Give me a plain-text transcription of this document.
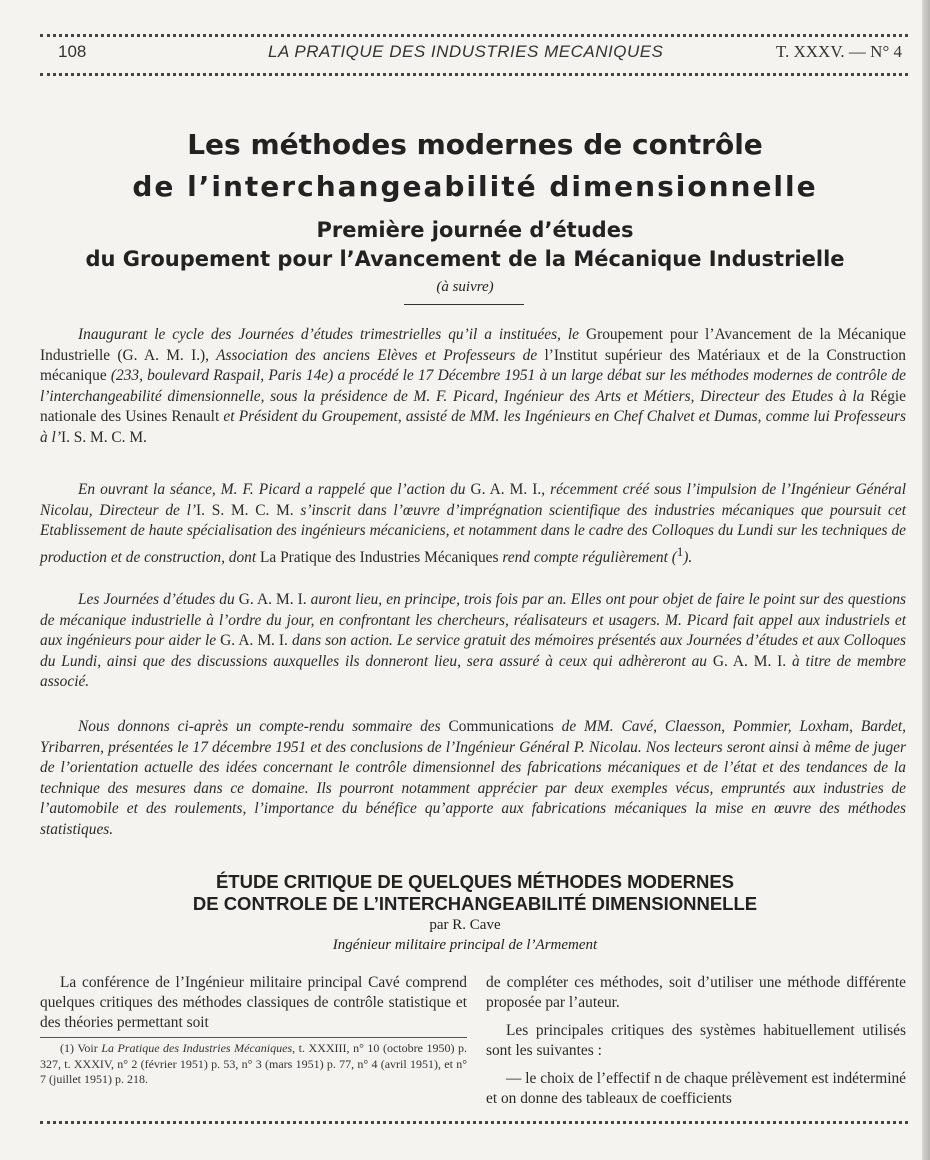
108	LA PRATIQUE DES INDUSTRIES MECANIQUES	T. XXXV. — N° 4
Les méthodes modernes de contrôle
de l’interchangeabilité dimensionnelle
Première journée d’études
du Groupement pour l’Avancement de la Mécanique Industrielle
(à suivre)
Inaugurant le cycle des Journées d’études trimestrielles qu’il a instituées, le Groupement pour l’Avancement de la Mécanique Industrielle (G. A. M. I.), Association des anciens Elèves et Professeurs de l’Institut supérieur des Matériaux et de la Construction mécanique (233, boulevard Raspail, Paris 14e) a procédé le 17 Décembre 1951 à un large débat sur les méthodes modernes de contrôle de l’interchangeabilité dimensionnelle, sous la présidence de M. F. Picard, Ingénieur des Arts et Métiers, Directeur des Etudes à la Régie nationale des Usines Renault et Président du Groupement, assisté de MM. les Ingénieurs en Chef Chalvet et Dumas, comme lui Professeurs à l’I. S. M. C. M.
En ouvrant la séance, M. F. Picard a rappelé que l’action du G. A. M. I., récemment créé sous l’impulsion de l’Ingénieur Général Nicolau, Directeur de l’I. S. M. C. M. s’inscrit dans l’œuvre d’imprégnation scientifique des industries mécaniques que poursuit cet Etablissement de haute spécialisation des ingénieurs mécaniciens, et notamment dans le cadre des Colloques du Lundi sur les techniques de production et de construction, dont La Pratique des Industries Mécaniques rend compte régulièrement ($^1$).
Les Journées d’études du G. A. M. I. auront lieu, en principe, trois fois par an. Elles ont pour objet de faire le point sur des questions de mécanique industrielle à l’ordre du jour, en confrontant les chercheurs, réalisateurs et usagers. M. Picard fait appel aux industriels et aux ingénieurs pour aider le G. A. M. I. dans son action. Le service gratuit des mémoires présentés aux Journées d’études et aux Colloques du Lundi, ainsi que des discussions auxquelles ils donneront lieu, sera assuré à ceux qui adhèreront au G. A. M. I. à titre de membre associé.
Nous donnons ci-après un compte-rendu sommaire des Communications de MM. Cavé, Claesson, Pommier, Loxham, Bardet, Yribarren, présentées le 17 décembre 1951 et des conclusions de l’Ingénieur Général P. Nicolau. Nos lecteurs seront ainsi à même de juger de l’orientation actuelle des idées concernant le contrôle dimensionnel des fabrications mécaniques et de l’état et des tendances de la technique des mesures dans ce domaine. Ils pourront notamment apprécier par deux exemples vécus, empruntés aux industries de l’automobile et des roulements, l’importance du bénéfice qu’apporte aux fabrications mécaniques la mise en œuvre des méthodes statistiques.
ÉTUDE CRITIQUE DE QUELQUES MÉTHODES MODERNES
DE CONTROLE DE L’INTERCHANGEABILITÉ DIMENSIONNELLE
par R. Cave
Ingénieur militaire principal de l’Armement
La conférence de l’Ingénieur militaire principal Cavé comprend quelques critiques des méthodes classiques de contrôle statistique et des théories permettant soit
(1) Voir La Pratique des Industries Mécaniques, t. XXXIII, n° 10 (octobre 1950) p. 327, t. XXXIV, n° 2 (février 1951) p. 53, n° 3 (mars 1951) p. 77, n° 4 (avril 1951), et n° 7 (juillet 1951) p. 218.

de compléter ces méthodes, soit d’utiliser une méthode différente proposée par l’auteur.

Les principales critiques des systèmes habituellement utilisés sont les suivantes :

— le choix de l’effectif n de chaque prélèvement est indéterminé et on donne des tableaux de coefficients
